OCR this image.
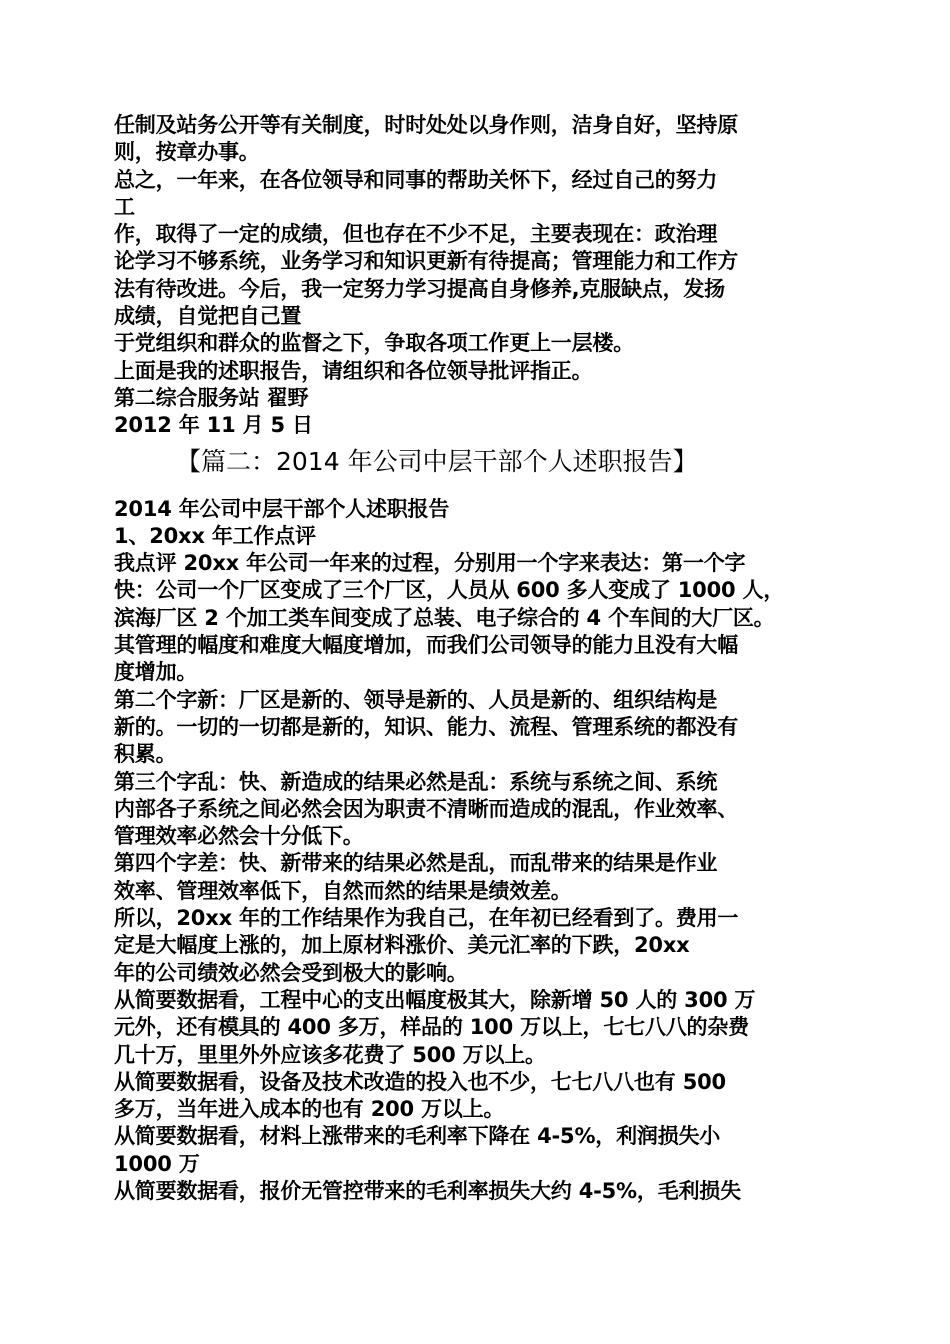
任制及站务公开等有关制度，时时处处以身作则，洁身自好，坚持原
则，按章办事。
总之，一年来，在各位领导和同事的帮助关怀下，经过自己的努力
工
作，取得了一定的成绩，但也存在不少不足，主要表现在：政治理
论学习不够系统，业务学习和知识更新有待提高；管理能力和工作方
法有待改进。今后，我一定努力学习提高自身修养,克服缺点，发扬
成绩，自觉把自己置
于党组织和群众的监督之下，争取各项工作更上一层楼。
上面是我的述职报告，请组织和各位领导批评指正。
第二综合服务站 翟野
2012 年 11 月 5 日
【篇二：2014 年公司中层干部个人述职报告】
2014 年公司中层干部个人述职报告
1、20xx 年工作点评
我点评 20xx 年公司一年来的过程，分别用一个字来表达：第一个字
快：公司一个厂区变成了三个厂区，人员从 600 多人变成了 1000 人，
滨海厂区 2 个加工类车间变成了总装、电子综合的 4 个车间的大厂区。
其管理的幅度和难度大幅度增加，而我们公司领导的能力且没有大幅
度增加。
第二个字新：厂区是新的、领导是新的、人员是新的、组织结构是
新的。一切的一切都是新的，知识、能力、流程、管理系统的都没有
积累。
第三个字乱：快、新造成的结果必然是乱：系统与系统之间、系统
内部各子系统之间必然会因为职责不清晰而造成的混乱，作业效率、
管理效率必然会十分低下。
第四个字差：快、新带来的结果必然是乱，而乱带来的结果是作业
效率、管理效率低下，自然而然的结果是绩效差。
所以，20xx 年的工作结果作为我自己，在年初已经看到了。费用一
定是大幅度上涨的，加上原材料涨价、美元汇率的下跌，20xx
年的公司绩效必然会受到极大的影响。
从简要数据看，工程中心的支出幅度极其大，除新增 50 人的 300 万
元外，还有模具的 400 多万，样品的 100 万以上，七七八八的杂费
几十万，里里外外应该多花费了 500 万以上。
从简要数据看，设备及技术改造的投入也不少，七七八八也有 500
多万，当年进入成本的也有 200 万以上。
从简要数据看，材料上涨带来的毛利率下降在 4-5%，利润损失小
1000 万
从简要数据看，报价无管控带来的毛利率损失大约 4-5%，毛利损失
